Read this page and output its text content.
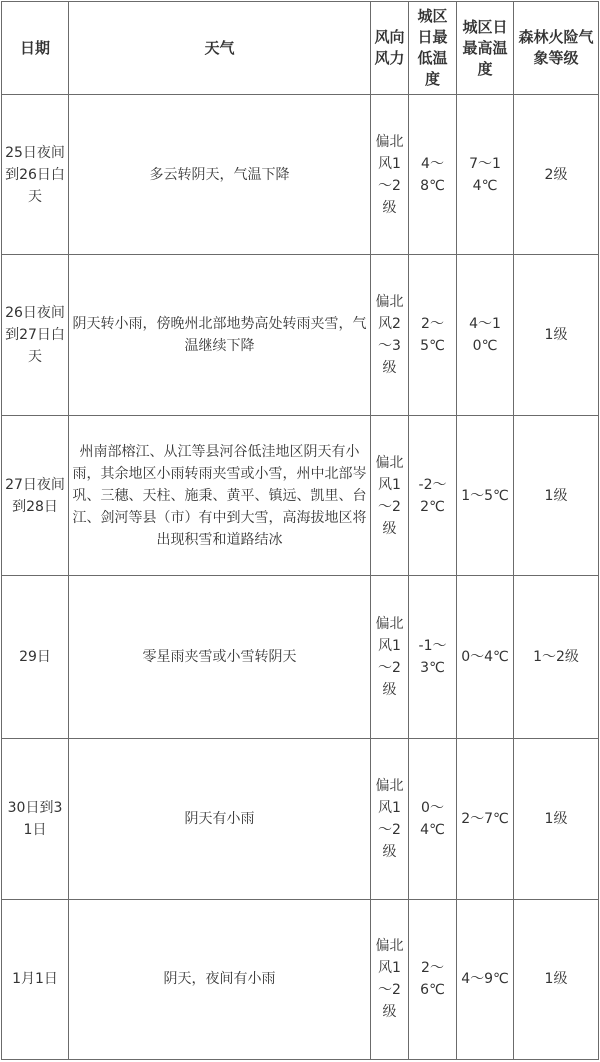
日期	天气	风向风力	城区日最低温度	城区日最高温度	森林火险气象等级
25日夜间到26日白天	多云转阴天，气温下降	偏北风1～2级	4～8℃	7～14℃	2级
26日夜间到27日白天	阴天转小雨，傍晚州北部地势高处转雨夹雪，气温继续下降	偏北风2～3级	2～5℃	4～10℃	1级
27日夜间到28日	州南部榕江、从江等县河谷低洼地区阴天有小雨，其余地区小雨转雨夹雪或小雪，州中北部岑巩、三穗、天柱、施秉、黄平、镇远、凯里、台江、剑河等县（市）有中到大雪，高海拔地区将出现积雪和道路结冰	偏北风1～2级	-2～2℃	1～5℃	1级
29日	零星雨夹雪或小雪转阴天	偏北风1～2级	-1～3℃	0～4℃	1～2级
30日到31日	阴天有小雨	偏北风1～2级	0～4℃	2～7℃	1级
1月1日	阴天，夜间有小雨	偏北风1～2级	2～6℃	4～9℃	1级
